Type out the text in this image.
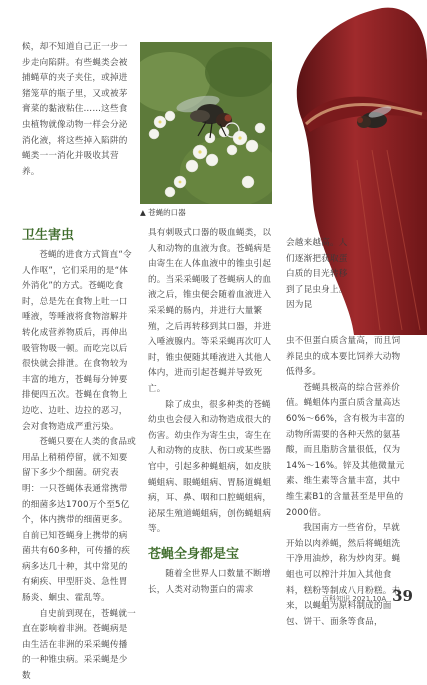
候，却不知道自己正一步一步走向陷阱。有些蝇类会被捕蝇草的夹子夹住，或掉进猪笼草的瓶子里，又或被茅膏菜的黏液粘住……这些食虫植物就像动物一样会分泌消化液，将这些掉入陷阱的蝇类一一消化并吸收其营养。

▲ 苍蝇的口器
卫生害虫

苍蝇的进食方式简直“令人作呕”，它们采用的是“体外消化”的方式。苍蝇吃食时，总是先在食物上吐一口唾液，等唾液将食物溶解并转化成营养物质后，再伸出吸管物吸一顿。而吃完以后很快就会排泄。在食物较为丰富的地方，苍蝇每分钟要排便四五次。苍蝇在食物上边吃、边吐、边拉的恶习，会对食物造成严重污染。

苍蝇只要在人类的食品或用品上稍稍停留，就不知要留下多少个细菌。研究表明：一只苍蝇体表通常携带的细菌多达1700万个至5亿个，体内携带的细菌更多。自前已知苍蝇身上携带的病菌共有60多种，可传播的疾病多达几十种，其中常见的有痢疾、甲型肝炎、急性胃肠炎、蛔虫、霍乱等。

自史前到现在，苍蝇就一直在影响着非洲。苍蝇病是由生活在非洲的采采蝇传播的一种锥虫病。采采蝇是少数

具有刺吸式口器的吸血蝇类，以人和动物的血液为食。苍蝇病是由寄生在人体血液中的锥虫引起的。当采采蝇吸了苍蝇病人的血液之后，锥虫便会随着血液进入采采蝇的肠内，并进行大量繁殖，之后再转移到其口器，并进入唾液腺内。等采采蝇再次叮人时，锥虫便随其唾液进入其他人体内，进而引起苍蝇并导致死亡。

除了成虫，很多种类的苍蝇幼虫也会侵入和动物造成很大的伤害。幼虫作为寄生虫，寄生在人和动物的皮肤、伤口或某些器官中，引起多种蝇蛆病，如皮肤蝇蛆病、眼蝇蛆病、胃肠道蝇蛆病，耳、鼻、咽和口腔蝇蛆病，泌尿生殖道蝇蛆病，创伤蝇蛆病等。

苍蝇全身都是宝

随着全世界人口数量不断增长，人类对动物蛋白的需求

会越来越高。人们逐渐把获取蛋白质的目光转移到了昆虫身上。因为昆

虫不但蛋白质含量高，而且饲养昆虫的成本要比饲养大动物低得多。

苍蝇具极高的综合营养价值。蝇蛆体内蛋白质含量高达60%～66%，含有极为丰富的动物所需要的各种天然的氨基酸，而且脂肪含量很低，仅为14%～16%。锌及其他微量元素、维生素等含量丰富，其中维生素B1的含量甚至是甲鱼的2000倍。

我国南方一些省份，早就开始以肉养蝇，然后将蝇蛆洗干净用油炒，称为炒肉芽。蝇蛆也可以榨汁并加入其他食料，糕粉等制成八月粉糕。未来，以蝇蛆为原料制成的面包、饼干、面条等食品，

百科知识 2021.10A 39
